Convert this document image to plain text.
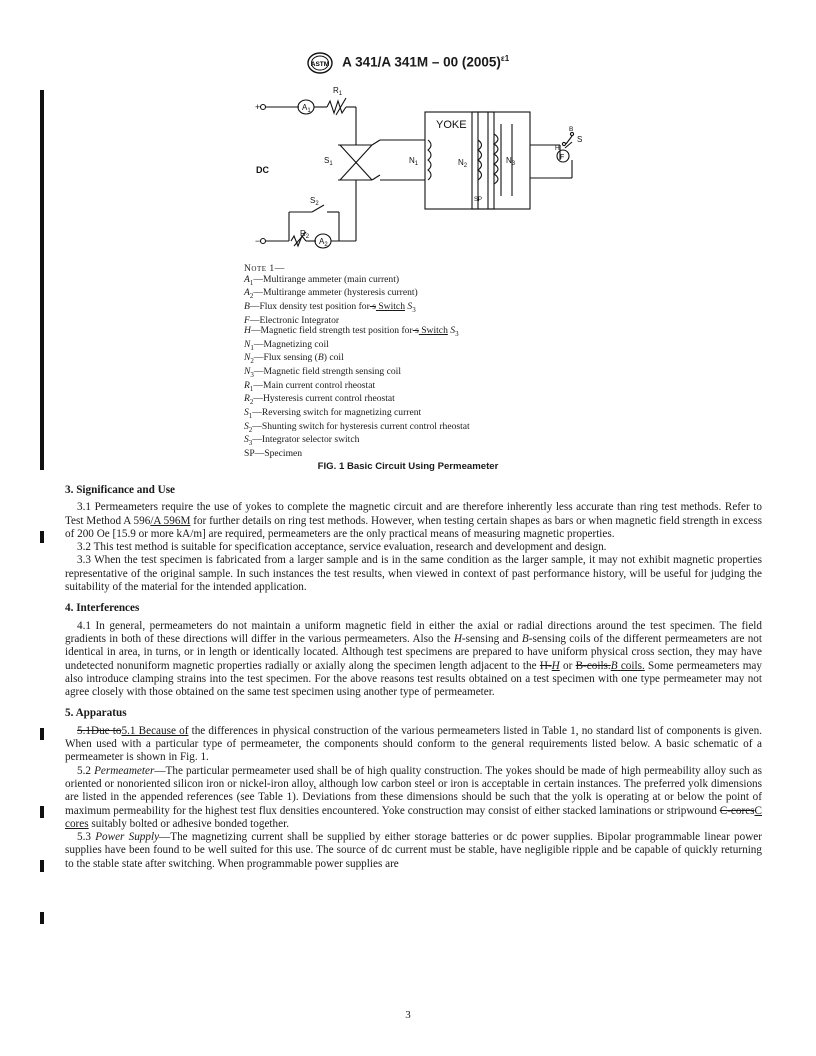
ASTM A 341/A 341M – 00 $(2005)^{\varepsilon 1}$
+
−
DC
$A_1$
$A_2$
$R_1$
$R_2$
$S_1$
$S_2$
S
YOKE
$N_1$	$N_2$
$N_3$
SP
B
H
F
Note 1—
$A_1—Multirange$ ammeter (main current)
$A_2—Multirange$ ammeter (hysteresis current)
B—Flux density test position for s Switch $S_3$
F—Electronic Integrator
H—Magnetic field strength test position for s Switch $S_3$
$N_1—Magnetizing$ coil
$N_2—Flux$ sensing (B) coil
$N_3—Magnetic$ field strength sensing coil
$R_1—Main$ current control rheostat
$R_2—Hysteresis$ current control rheostat
$S_1—Reversing$ switch for magnetizing current
$S_2—Shunting$ switch for hysteresis current control rheostat
$S_3—Integrator$ selector switch
SP—Specimen
FIG. 1 Basic Circuit Using Permeameter
3. Significance and Use

3.1 Permeameters require the use of yokes to complete the magnetic circuit and are therefore inherently less accurate than ring test methods. Refer to Test Method A 596/A 596M for further details on ring test methods. However, when testing certain shapes as bars or when magnetic field strength in excess of 200 Oe [15.9 or more kA/m] are required, permeameters are the only practical means of measuring magnetic properties.

3.2 This test method is suitable for specification acceptance, service evaluation, research and development and design.

3.3 When the test specimen is fabricated from a larger sample and is in the same condition as the larger sample, it may not exhibit magnetic properties representative of the original sample. In such instances the test results, when viewed in context of past performance history, will be useful for judging the suitability of the material for the intended application.

4. Interferences

4.1 In general, permeameters do not maintain a uniform magnetic field in either the axial or radial directions around the test specimen. The field gradients in both of these directions will differ in the various permeameters. Also the H-sensing and B-sensing coils of the different permeameters are not identical in area, in turns, or in length or identically located. Although test specimens are prepared to have uniform physical cross section, they may have undetected nonuniform magnetic properties radially or axially along the specimen length adjacent to the H-H or B-coils.B coils. Some permeameters may also introduce clamping strains into the test specimen. For the above reasons test results obtained on a test specimen with one type permeameter may not agree closely with those obtained on the same test specimen using another type of permeameter.

5. Apparatus

5.1Due to5.1 Because of the differences in physical construction of the various permeameters listed in Table 1, no standard list of components is given. When used with a particular type of permeameter, the components should conform to the general requirements listed below. A basic schematic of a permeameter is shown in Fig. 1.

5.2 Permeameter—The particular permeameter used shall be of high quality construction. The yokes should be made of high permeability alloy such as oriented or nonoriented silicon iron or nickel-iron alloy, although low carbon steel or iron is acceptable in certain instances. The preferred yolk dimensions are listed in the appended references (see Table 1). Deviations from these dimensions should be such that the yolk is operating at or below the point of maximum permeability for the highest test flux densities encountered. Yoke construction may consist of either stacked laminations or stripwound C-coresC cores suitably bolted or adhesive bonded together.

5.3 Power Supply—The magnetizing current shall be supplied by either storage batteries or dc power supplies. Bipolar programmable linear power supplies have been found to be well suited for this use. The source of dc current must be stable, have negligible ripple and be capable of quickly returning to the stable state after switching. When programmable power supplies are

3
